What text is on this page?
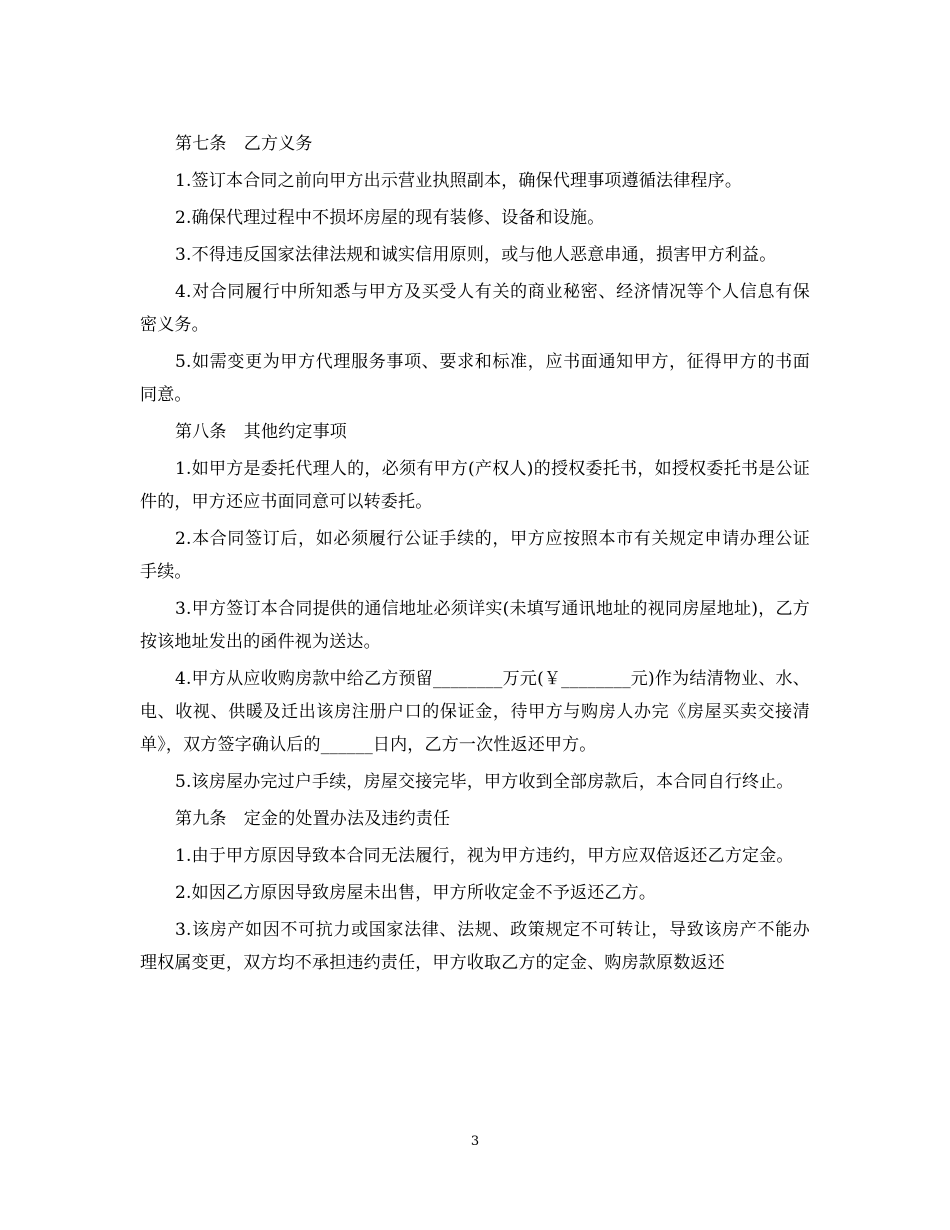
第七条　乙方义务

1.签订本合同之前向甲方出示营业执照副本，确保代理事项遵循法律程序。

2.确保代理过程中不损坏房屋的现有装修、设备和设施。

3.不得违反国家法律法规和诚实信用原则，或与他人恶意串通，损害甲方利益。

4.对合同履行中所知悉与甲方及买受人有关的商业秘密、经济情况等个人信息有保密义务。

5.如需变更为甲方代理服务事项、要求和标准，应书面通知甲方，征得甲方的书面同意。

第八条　其他约定事项

1.如甲方是委托代理人的，必须有甲方(产权人)的授权委托书，如授权委托书是公证件的，甲方还应书面同意可以转委托。

2.本合同签订后，如必须履行公证手续的，甲方应按照本市有关规定申请办理公证手续。

3.甲方签订本合同提供的通信地址必须详实(未填写通讯地址的视同房屋地址)，乙方按该地址发出的函件视为送达。

4.甲方从应收购房款中给乙方预留________万元(￥________元)作为结清物业、水、电、收视、供暖及迁出该房注册户口的保证金，待甲方与购房人办完《房屋买卖交接清单》，双方签字确认后的______日内，乙方一次性返还甲方。

5.该房屋办完过户手续，房屋交接完毕，甲方收到全部房款后，本合同自行终止。

第九条　定金的处置办法及违约责任

1.由于甲方原因导致本合同无法履行，视为甲方违约，甲方应双倍返还乙方定金。

2.如因乙方原因导致房屋未出售，甲方所收定金不予返还乙方。

3.该房产如因不可抗力或国家法律、法规、政策规定不可转让，导致该房产不能办理权属变更，双方均不承担违约责任，甲方收取乙方的定金、购房款原数返还

3
